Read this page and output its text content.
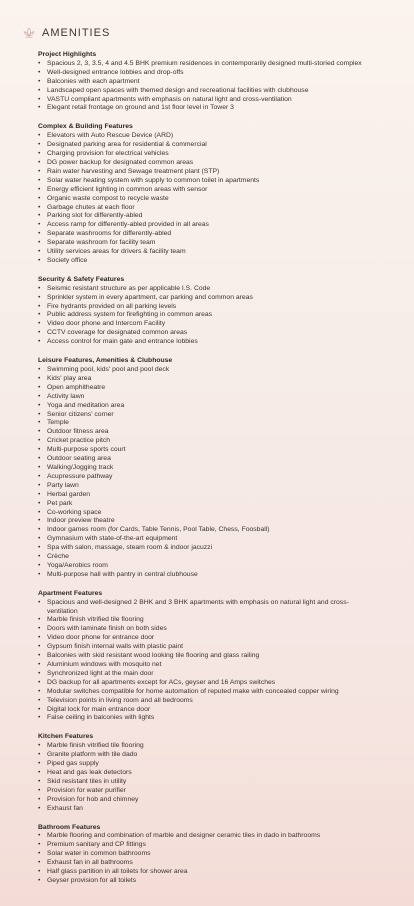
AMENITIES
Project Highlights
• Spacious 2, 3, 3.5, 4 and 4.5 BHK premium residences in contemporarily designed multi-storied complex
• Well-designed entrance lobbies and drop-offs
• Balconies with each apartment
• Landscaped open spaces with themed design and recreational facilities with clubhouse
• VASTU compliant apartments with emphasis on natural light and cross-ventilation
• Elegant retail frontage on ground and 1st floor level in Tower 3
Complex & Building Features
• Elevators with Auto Rescue Device (ARD)
• Designated parking area for residential & commercial
• Charging provision for electrical vehicles
• DG power backup for designated common areas
• Rain water harvesting and Sewage treatment plant (STP)
• Solar water heating system with supply to common toilet in apartments
• Energy efficient lighting in common areas with sensor
• Organic waste compost to recycle waste
• Garbage chutes at each floor
• Parking slot for differently-abled
• Access ramp for differently-abled provided in all areas
• Separate washrooms for differently-abled
• Separate washroom for facility team
• Utility services areas for drivers & facility team
• Society office
Security & Safety Features
• Seismic resistant structure as per applicable I.S. Code
• Sprinkler system in every apartment, car parking and common areas
• Fire hydrants provided on all parking levels
• Public address system for firefighting in common areas
• Video door phone and Intercom Facility
• CCTV coverage for designated common areas
• Access control for main gate and entrance lobbies
Leisure Features, Amenities & Clubhouse
• Swimming pool, kids' pool and pool deck
• Kids' play area
• Open amphitheatre
• Activity lawn
• Yoga and meditation area
• Senior citizens' corner
• Temple
• Outdoor fitness area
• Cricket practice pitch
• Multi-purpose sports court
• Outdoor seating area
• Walking/Jogging track
• Acupressure pathway
• Party lawn
• Herbal garden
• Pet park
• Co-working space
• Indoor preview theatre
• Indoor games room (for Cards, Table Tennis, Pool Table, Chess, Foosball)
• Gymnasium with state-of-the-art equipment
• Spa with salon, massage, steam room & indoor jacuzzi
• Crèche
• Yoga/Aerobics room
• Multi-purpose hall with pantry in central clubhouse
Apartment Features
• Spacious and well-designed 2 BHK and 3 BHK apartments with emphasis on natural light and cross-ventilation
• Marble finish vitrified tile flooring
• Doors with laminate finish on both sides
• Video door phone for entrance door
• Gypsum finish internal walls with plastic paint
• Balconies with skid resistant wood looking tile flooring and glass railing
• Aluminium windows with mosquito net
• Synchronized light at the main door
• DG backup for all apartments except for ACs, geyser and 16 Amps switches
• Modular switches compatible for home automation of reputed make with concealed copper wiring
• Television points in living room and all bedrooms
• Digital lock for main entrance door
• False ceiling in balconies with lights
Kitchen Features
• Marble finish vitrified tile flooring
• Granite platform with tile dado
• Piped gas supply
• Heat and gas leak detectors
• Skid resistant tiles in utility
• Provision for water purifier
• Provision for hob and chimney
• Exhaust fan
Bathroom Features
• Marble flooring and combination of marble and designer ceramic tiles in dado in bathrooms
• Premium sanitary and CP fittings
• Solar water in common bathrooms
• Exhaust fan in all bathrooms
• Half glass partition in all toilets for shower area
• Geyser provision for all toilets
